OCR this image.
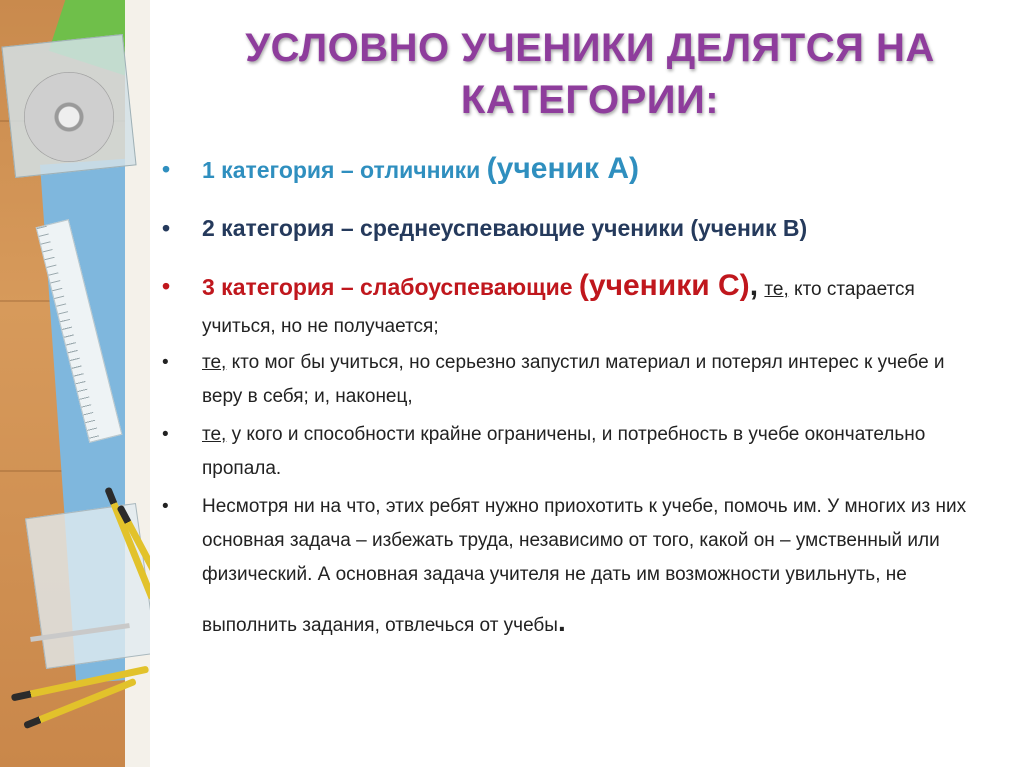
УСЛОВНО УЧЕНИКИ ДЕЛЯТСЯ НА
КАТЕГОРИИ:
• 1 категория – отличники (ученик А)
• 2 категория – среднеуспевающие ученики (ученик В)
• 3 категория – слабоуспевающие (ученики С), те, кто старается учиться, но не получается;
• те, кто мог бы учиться, но серьезно запустил материал и потерял интерес к учебе и веру в себя; и, наконец,
• те, у кого и способности крайне ограничены, и потребность в учебе окончательно пропала.
• Несмотря ни на что, этих ребят нужно приохотить к учебе, помочь им. У многих из них основная задача – избежать труда, независимо от того, какой он – умственный или физический. А основная задача учителя не дать им возможности увильнуть, не
выполнить задания, отвлечься от учебы.
